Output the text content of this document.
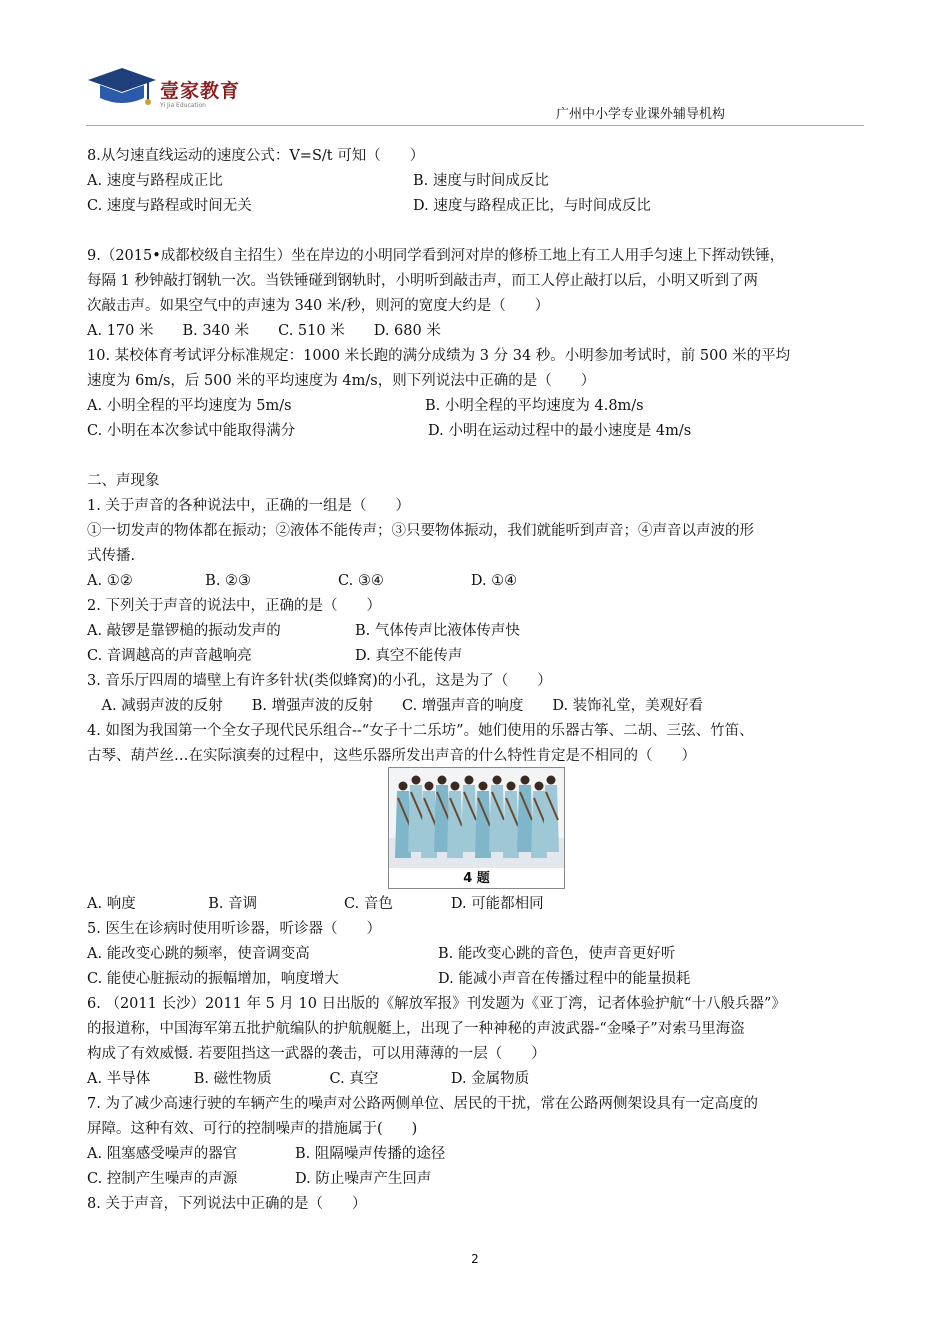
壹家教育
Yi Jia Education
广州中小学专业课外辅导机构
8.从匀速直线运动的速度公式：V=S/t 可知（　　）
A. 速度与路程成正比	B. 速度与时间成反比
C. 速度与路程或时间无关	D. 速度与路程成正比，与时间成反比
9.（2015•成都校级自主招生）坐在岸边的小明同学看到河对岸的修桥工地上有工人用手匀速上下挥动铁锤，
每隔 1 秒钟敲打钢轨一次。当铁锤碰到钢轨时，小明听到敲击声，而工人停止敲打以后，小明又听到了两
次敲击声。如果空气中的声速为 340 米/秒，则河的宽度大约是（　　）
A. 170 米　　B. 340 米　　C. 510 米　　D. 680 米
10. 某校体育考试评分标准规定：1000 米长跑的满分成绩为 3 分 34 秒。小明参加考试时，前 500 米的平均
速度为 6m/s，后 500 米的平均速度为 4m/s，则下列说法中正确的是（　　）
A. 小明全程的平均速度为 5m/s	B. 小明全程的平均速度为 4.8m/s
C. 小明在本次参试中能取得满分	D. 小明在运动过程中的最小速度是 4m/s
二、声现象
1. 关于声音的各种说法中，正确的一组是（　　）
①一切发声的物体都在振动；②液体不能传声；③只要物体振动，我们就能听到声音；④声音以声波的形
式传播.
A. ①②　　　　　B. ②③　　　　　　C. ③④　　　　　　D. ①④
2. 下列关于声音的说法中，正确的是（　　）
A. 敲锣是靠锣槌的振动发声的	B. 气体传声比液体传声快
C. 音调越高的声音越响亮	D. 真空不能传声
3. 音乐厅四周的墙壁上有许多针状(类似蜂窝)的小孔，这是为了（　　）
　A. 减弱声波的反射　　B. 增强声波的反射　　C. 增强声音的响度　　D. 装饰礼堂，美观好看
4. 如图为我国第一个全女子现代民乐组合--“女子十二乐坊”。她们使用的乐器古筝、二胡、三弦、竹笛、
古琴、葫芦丝…在实际演奏的过程中，这些乐器所发出声音的什么特性肯定是不相同的（　　）
A. 响度　　　　　B. 音调　　　　　　C. 音色　　　　D. 可能都相同
5. 医生在诊病时使用听诊器，听诊器（　　）
A. 能改变心跳的频率，使音调变高	B. 能改变心跳的音色，使声音更好听
C. 能使心脏振动的振幅增加，响度增大	D. 能减小声音在传播过程中的能量损耗
6. （2011 长沙）2011 年 5 月 10 日出版的《解放军报》刊发题为《亚丁湾，记者体验护航“十八般兵器”》
的报道称，中国海军第五批护航编队的护航舰艇上，出现了一种神秘的声波武器-“金嗓子”对索马里海盗
构成了有效威慑. 若要阻挡这一武器的袭击，可以用薄薄的一层（　　）
A. 半导体　　　B. 磁性物质　　　　C. 真空　　　　　D. 金属物质
7. 为了减少高速行驶的车辆产生的噪声对公路两侧单位、居民的干扰，常在公路两侧架设具有一定高度的
屏障。这种有效、可行的控制噪声的措施属于(　　)
A. 阻塞感受噪声的器官	B. 阻隔噪声传播的途径
C. 控制产生噪声的声源	D. 防止噪声产生回声
8. 关于声音，下列说法中正确的是（　　）
4 题
2
